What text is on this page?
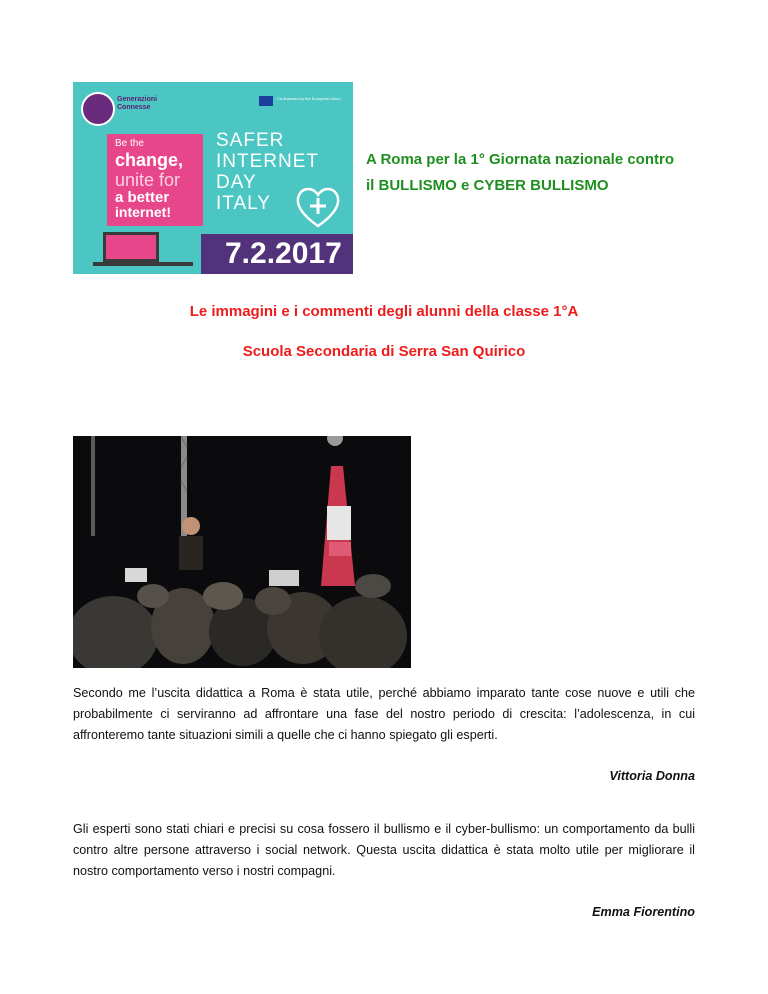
Generazioni
Connesse
Co-financed by the European Union
Be the
change,
unite for
a better
internet!
SAFER
INTERNET
DAY
ITALY
7.2.2017
A Roma per la 1° Giornata nazionale contro
il BULLISMO e CYBER BULLISMO
Le immagini e i commenti degli alunni della classe 1°A
Scuola Secondaria di Serra San Quirico
Secondo me l’uscita didattica a Roma è stata utile, perché abbiamo imparato tante cose nuove e utili che probabilmente ci serviranno ad affrontare una fase del nostro periodo di crescita: l’adolescenza, in cui affronteremo tante situazioni simili a quelle che ci hanno spiegato gli esperti.
Vittoria Donna
Gli esperti sono stati chiari e precisi su cosa fossero il bullismo e il cyber-bullismo: un comportamento da bulli contro altre persone attraverso i social network. Questa uscita didattica è stata molto utile per migliorare il nostro comportamento verso i nostri compagni.
Emma Fiorentino
